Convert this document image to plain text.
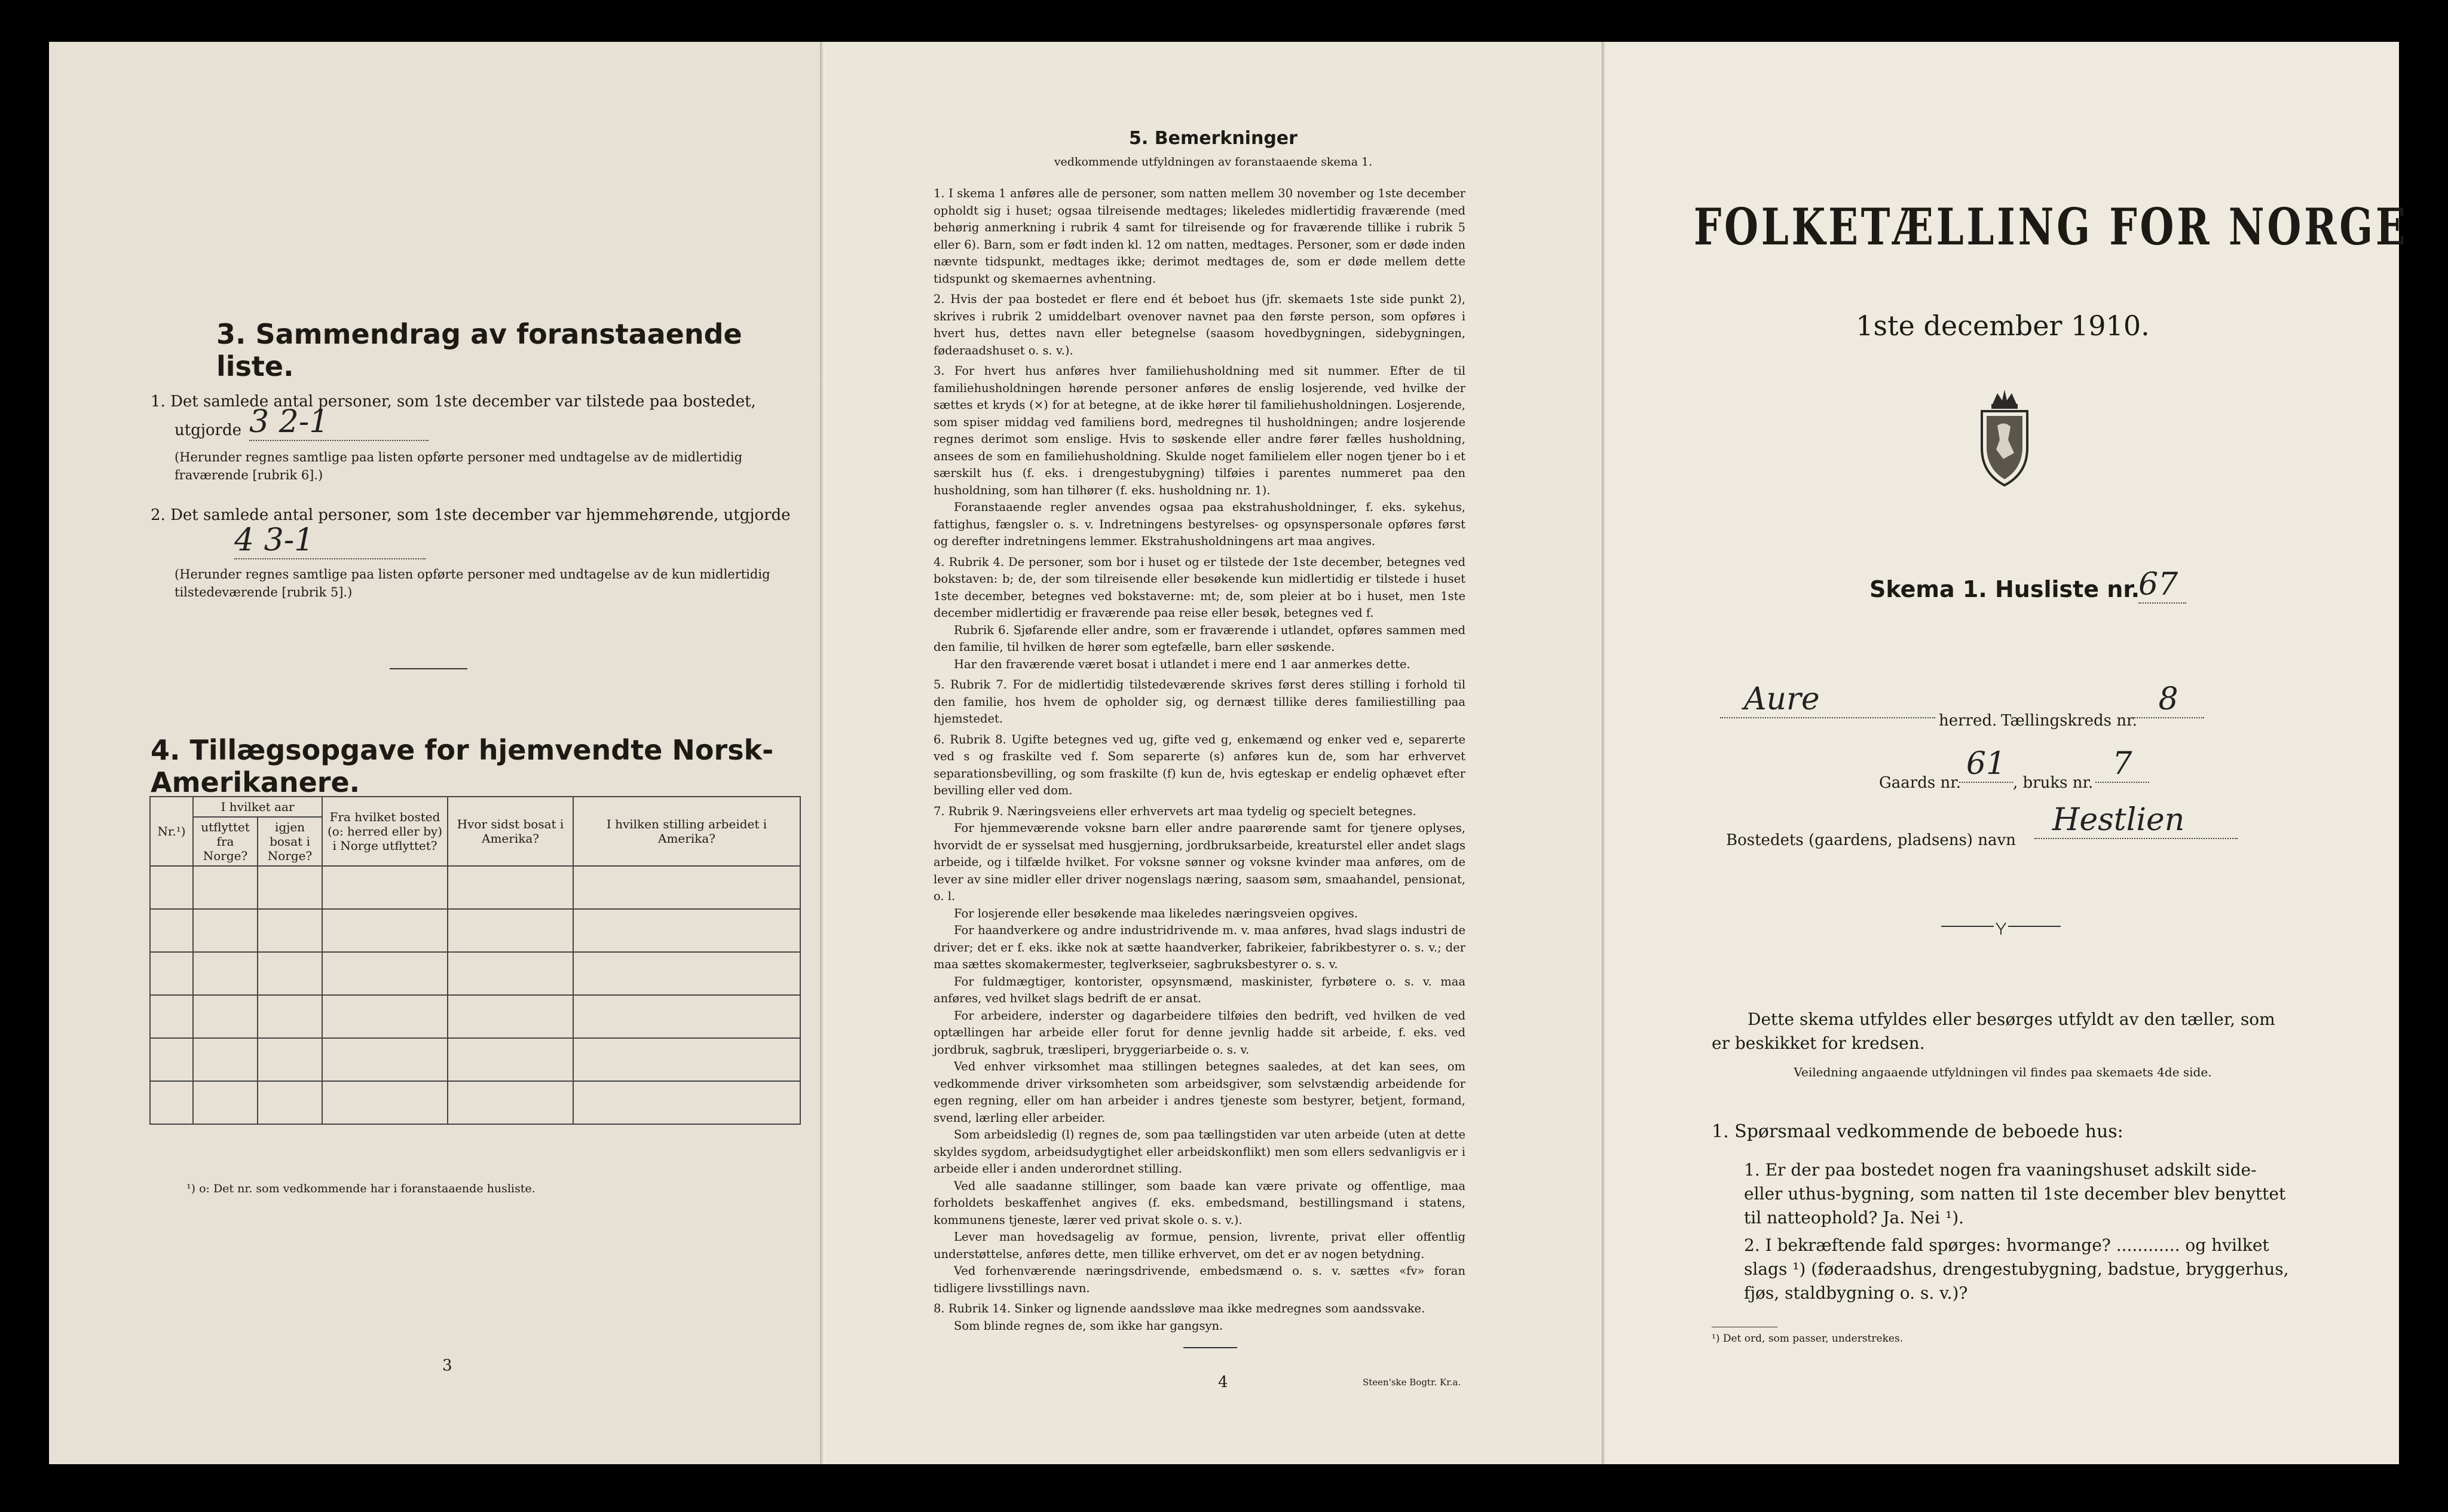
3. Sammendrag av foranstaaende liste.
1. Det samlede antal personer, som 1ste december var tilstede paa bostedet,
utgjorde 3 2-1
(Herunder regnes samtlige paa listen opførte personer med undtagelse av de midlertidig fraværende [rubrik 6].)
2. Det samlede antal personer, som 1ste december var hjemmehørende, utgjorde
4 3-1
(Herunder regnes samtlige paa listen opførte personer med undtagelse av de kun midlertidig tilstedeværende [rubrik 5].)
4. Tillægsopgave for hjemvendte Norsk-Amerikanere.
Nr.¹)	I hvilket aar		Fra hvilket bosted (o: herred eller by) i Norge utflyttet?	Hvor sidst bosat i Amerika?	I hvilken stilling arbeidet i Amerika?
	utflyttet fra Norge?	igjen bosat i Norge?			

¹) o: Det nr. som vedkommende har i foranstaaende husliste.
3
5. Bemerkninger
vedkommende utfyldningen av foranstaaende skema 1.

1. I skema 1 anføres alle de personer, som natten mellem 30 november og 1ste december opholdt sig i huset; ogsaa tilreisende medtages; likeledes midlertidig fraværende (med behørig anmerkning i rubrik 4 samt for tilreisende og for fraværende tillike i rubrik 5 eller 6). Barn, som er født inden kl. 12 om natten, medtages. Personer, som er døde inden nævnte tidspunkt, medtages ikke; derimot medtages de, som er døde mellem dette tidspunkt og skemaernes avhentning.

2. Hvis der paa bostedet er flere end ét beboet hus (jfr. skemaets 1ste side punkt 2), skrives i rubrik 2 umiddelbart ovenover navnet paa den første person, som opføres i hvert hus, dettes navn eller betegnelse (saasom hovedbygningen, sidebygningen, føderaadshuset o. s. v.).

3. For hvert hus anføres hver familiehusholdning med sit nummer. Efter de til familiehusholdningen hørende personer anføres de enslig losjerende, ved hvilke der sættes et kryds (×) for at betegne, at de ikke hører til familiehusholdningen. Losjerende, som spiser middag ved familiens bord, medregnes til husholdningen; andre losjerende regnes derimot som enslige. Hvis to søskende eller andre fører fælles husholdning, ansees de som en familiehusholdning. Skulde noget familielem eller nogen tjener bo i et særskilt hus (f. eks. i drengestubygning) tilføies i parentes nummeret paa den husholdning, som han tilhører (f. eks. husholdning nr. 1).

Foranstaaende regler anvendes ogsaa paa ekstrahusholdninger, f. eks. sykehus, fattighus, fængsler o. s. v. Indretningens bestyrelses- og opsynspersonale opføres først og derefter indretningens lemmer. Ekstrahusholdningens art maa angives.

4. Rubrik 4. De personer, som bor i huset og er tilstede der 1ste december, betegnes ved bokstaven: b; de, der som tilreisende eller besøkende kun midlertidig er tilstede i huset 1ste december, betegnes ved bokstaverne: mt; de, som pleier at bo i huset, men 1ste december midlertidig er fraværende paa reise eller besøk, betegnes ved f.

Rubrik 6. Sjøfarende eller andre, som er fraværende i utlandet, opføres sammen med den familie, til hvilken de hører som egtefælle, barn eller søskende.

Har den fraværende været bosat i utlandet i mere end 1 aar anmerkes dette.

5. Rubrik 7. For de midlertidig tilstedeværende skrives først deres stilling i forhold til den familie, hos hvem de opholder sig, og dernæst tillike deres familiestilling paa hjemstedet.

6. Rubrik 8. Ugifte betegnes ved ug, gifte ved g, enkemænd og enker ved e, separerte ved s og fraskilte ved f. Som separerte (s) anføres kun de, som har erhvervet separationsbevilling, og som fraskilte (f) kun de, hvis egteskap er endelig ophævet efter bevilling eller ved dom.

7. Rubrik 9. Næringsveiens eller erhvervets art maa tydelig og specielt betegnes.

For hjemmeværende voksne barn eller andre paarørende samt for tjenere oplyses, hvorvidt de er sysselsat med husgjerning, jordbruksarbeide, kreaturstel eller andet slags arbeide, og i tilfælde hvilket. For voksne sønner og voksne kvinder maa anføres, om de lever av sine midler eller driver nogenslags næring, saasom søm, smaahandel, pensionat, o. l.

For losjerende eller besøkende maa likeledes næringsveien opgives.

For haandverkere og andre industridrivende m. v. maa anføres, hvad slags industri de driver; det er f. eks. ikke nok at sætte haandverker, fabrikeier, fabrikbestyrer o. s. v.; der maa sættes skomakermester, teglverkseier, sagbruksbestyrer o. s. v.

For fuldmægtiger, kontorister, opsynsmænd, maskinister, fyrbøtere o. s. v. maa anføres, ved hvilket slags bedrift de er ansat.

For arbeidere, inderster og dagarbeidere tilføies den bedrift, ved hvilken de ved optællingen har arbeide eller forut for denne jevnlig hadde sit arbeide, f. eks. ved jordbruk, sagbruk, træsliperi, bryggeriarbeide o. s. v.

Ved enhver virksomhet maa stillingen betegnes saaledes, at det kan sees, om vedkommende driver virksomheten som arbeidsgiver, som selvstændig arbeidende for egen regning, eller om han arbeider i andres tjeneste som bestyrer, betjent, formand, svend, lærling eller arbeider.

Som arbeidsledig (l) regnes de, som paa tællingstiden var uten arbeide (uten at dette skyldes sygdom, arbeidsudygtighet eller arbeidskonflikt) men som ellers sedvanligvis er i arbeide eller i anden underordnet stilling.

Ved alle saadanne stillinger, som baade kan være private og offentlige, maa forholdets beskaffenhet angives (f. eks. embedsmand, bestillingsmand i statens, kommunens tjeneste, lærer ved privat skole o. s. v.).

Lever man hovedsagelig av formue, pension, livrente, privat eller offentlig understøttelse, anføres dette, men tillike erhvervet, om det er av nogen betydning.

Ved forhenværende næringsdrivende, embedsmænd o. s. v. sættes «fv» foran tidligere livsstillings navn.

8. Rubrik 14. Sinker og lignende aandssløve maa ikke medregnes som aandssvake.

Som blinde regnes de, som ikke har gangsyn.

4	Steen'ske Bogtr. Kr.a.
FOLKETÆLLING FOR NORGE
1ste december 1910.
Skema 1. Husliste nr.
67
Aure
herred. Tællingskreds nr.
8
Gaards nr.
61
, bruks nr.
7
Bostedets (gaardens, pladsens) navn
Hestlien
Dette skema utfyldes eller besørges utfyldt av den tæller, som er beskikket for kredsen.
Veiledning angaaende utfyldningen vil findes paa skemaets 4de side.
1. Spørsmaal vedkommende de beboede hus:
1. Er der paa bostedet nogen fra vaaningshuset adskilt side- eller uthus-bygning, som natten til 1ste december blev benyttet til natteophold? Ja. Nei ¹).
2. I bekræftende fald spørges: hvormange? ............ og hvilket slags ¹) (føderaadshus, drengestubygning, badstue, bryggerhus, fjøs, staldbygning o. s. v.)?
¹) Det ord, som passer, understrekes.
